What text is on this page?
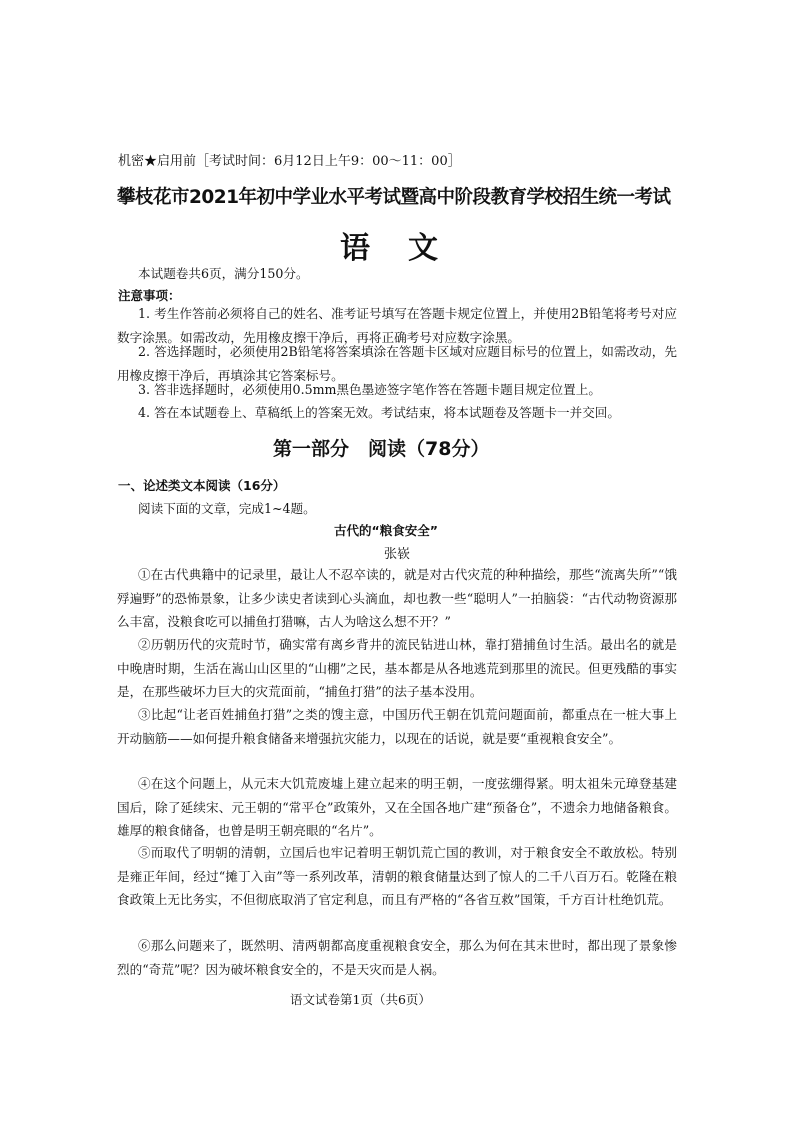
机密★启用前［考试时间：6月12日上午9：00～11：00］
攀枝花市2021年初中学业水平考试暨高中阶段教育学校招生统一考试
语　文
本试题卷共6页，满分150分。
注意事项：
1. 考生作答前必须将自己的姓名、准考证号填写在答题卡规定位置上，并使用2B铅笔将考号对应数字涂黑。如需改动，先用橡皮擦干净后，再将正确考号对应数字涂黑。
2. 答选择题时，必须使用2B铅笔将答案填涂在答题卡区域对应题目标号的位置上，如需改动，先用橡皮擦干净后，再填涂其它答案标号。
3. 答非选择题时，必须使用0.5mm黑色墨迹签字笔作答在答题卡题目规定位置上。
4. 答在本试题卷上、草稿纸上的答案无效。考试结束，将本试题卷及答题卡一并交回。
第一部分　阅读（78分）
一、论述类文本阅读（16分）
阅读下面的文章，完成1~4题。
古代的“粮食安全”
张嵚
①在古代典籍中的记录里，最让人不忍卒读的，就是对古代灾荒的种种描绘，那些“流离失所”“饿殍遍野”的恐怖景象，让多少读史者读到心头滴血，却也教一些“聪明人”一拍脑袋：“古代动物资源那么丰富，没粮食吃可以捕鱼打猎嘛，古人为啥这么想不开？”
②历朝历代的灾荒时节，确实常有离乡背井的流民钻进山林，靠打猎捕鱼讨生活。最出名的就是中晚唐时期，生活在嵩山山区里的“山棚”之民，基本都是从各地逃荒到那里的流民。但更残酷的事实是，在那些破坏力巨大的灾荒面前，“捕鱼打猎”的法子基本没用。
③比起“让老百姓捕鱼打猎”之类的馊主意，中国历代王朝在饥荒问题面前，都重点在一桩大事上开动脑筋——如何提升粮食储备来增强抗灾能力，以现在的话说，就是要“重视粮食安全”。
④在这个问题上，从元末大饥荒废墟上建立起来的明王朝，一度弦绷得紧。明太祖朱元璋登基建国后，除了延续宋、元王朝的“常平仓”政策外，又在全国各地广建“预备仓”，不遗余力地储备粮食。雄厚的粮食储备，也曾是明王朝亮眼的“名片”。
⑤而取代了明朝的清朝，立国后也牢记着明王朝饥荒亡国的教训，对于粮食安全不敢放松。特别是雍正年间，经过“摊丁入亩”等一系列改革，清朝的粮食储量达到了惊人的二千八百万石。乾隆在粮食政策上无比务实，不但彻底取消了官定利息，而且有严格的“各省互救”国策，千方百计杜绝饥荒。
⑥那么问题来了，既然明、清两朝都高度重视粮食安全，那么为何在其末世时，都出现了景象惨烈的“奇荒”呢？因为破坏粮食安全的，不是天灾而是人祸。
语文试卷第1页（共6页）
